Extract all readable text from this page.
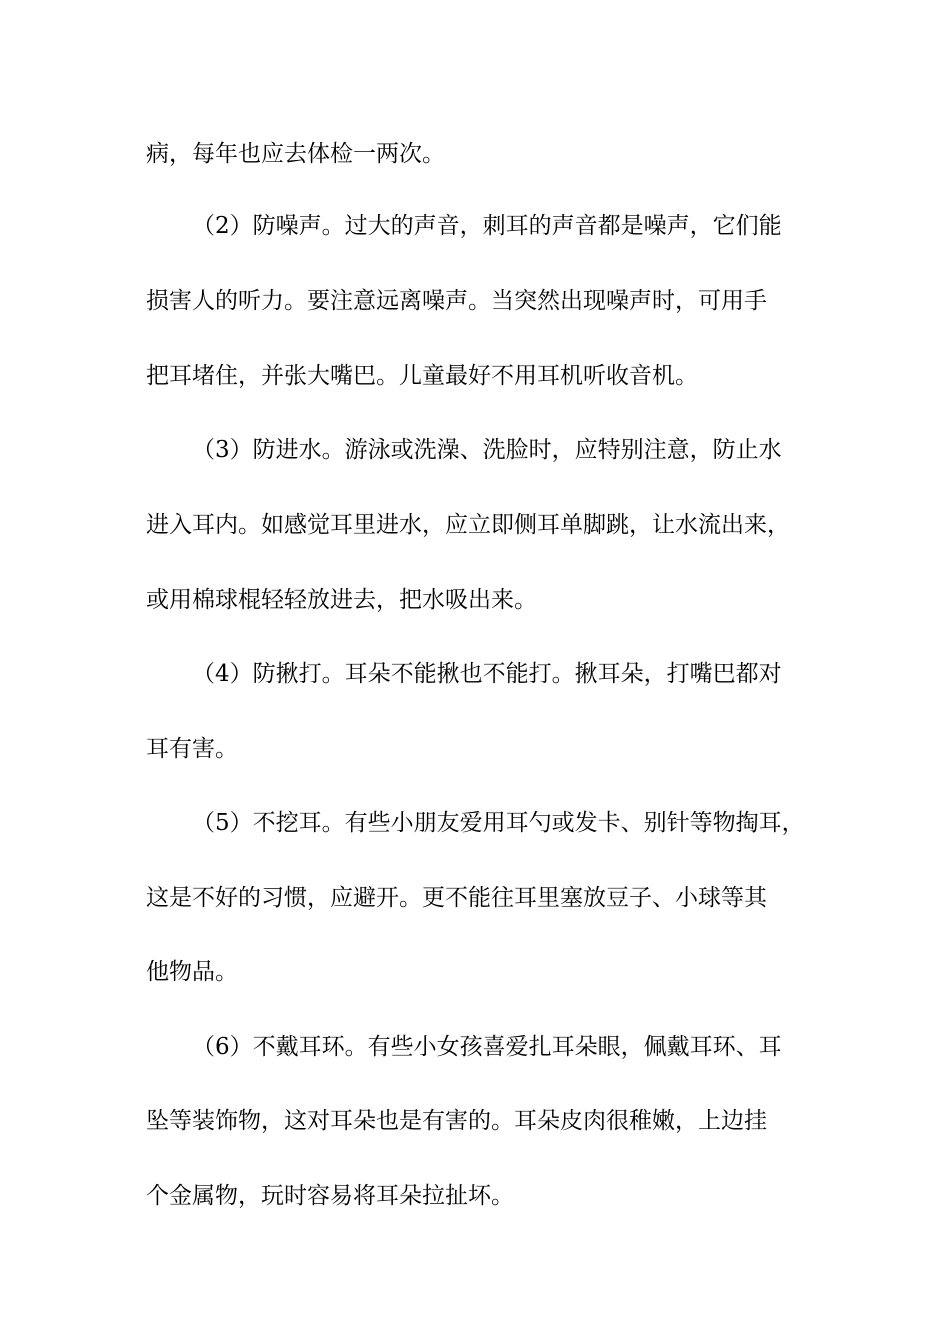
病，每年也应去体检一两次。
（2）防噪声。过大的声音，刺耳的声音都是噪声，它们能
损害人的听力。要注意远离噪声。当突然出现噪声时，可用手
把耳堵住，并张大嘴巴。儿童最好不用耳机听收音机。
（3）防进水。游泳或洗澡、洗脸时，应特别注意，防止水
进入耳内。如感觉耳里进水，应立即侧耳单脚跳，让水流出来，
或用棉球棍轻轻放进去，把水吸出来。
（4）防揪打。耳朵不能揪也不能打。揪耳朵，打嘴巴都对
耳有害。
（5）不挖耳。有些小朋友爱用耳勺或发卡、别针等物掏耳，
这是不好的习惯，应避开。更不能往耳里塞放豆子、小球等其
他物品。
（6）不戴耳环。有些小女孩喜爱扎耳朵眼，佩戴耳环、耳
坠等装饰物，这对耳朵也是有害的。耳朵皮肉很稚嫩，上边挂
个金属物，玩时容易将耳朵拉扯坏。
